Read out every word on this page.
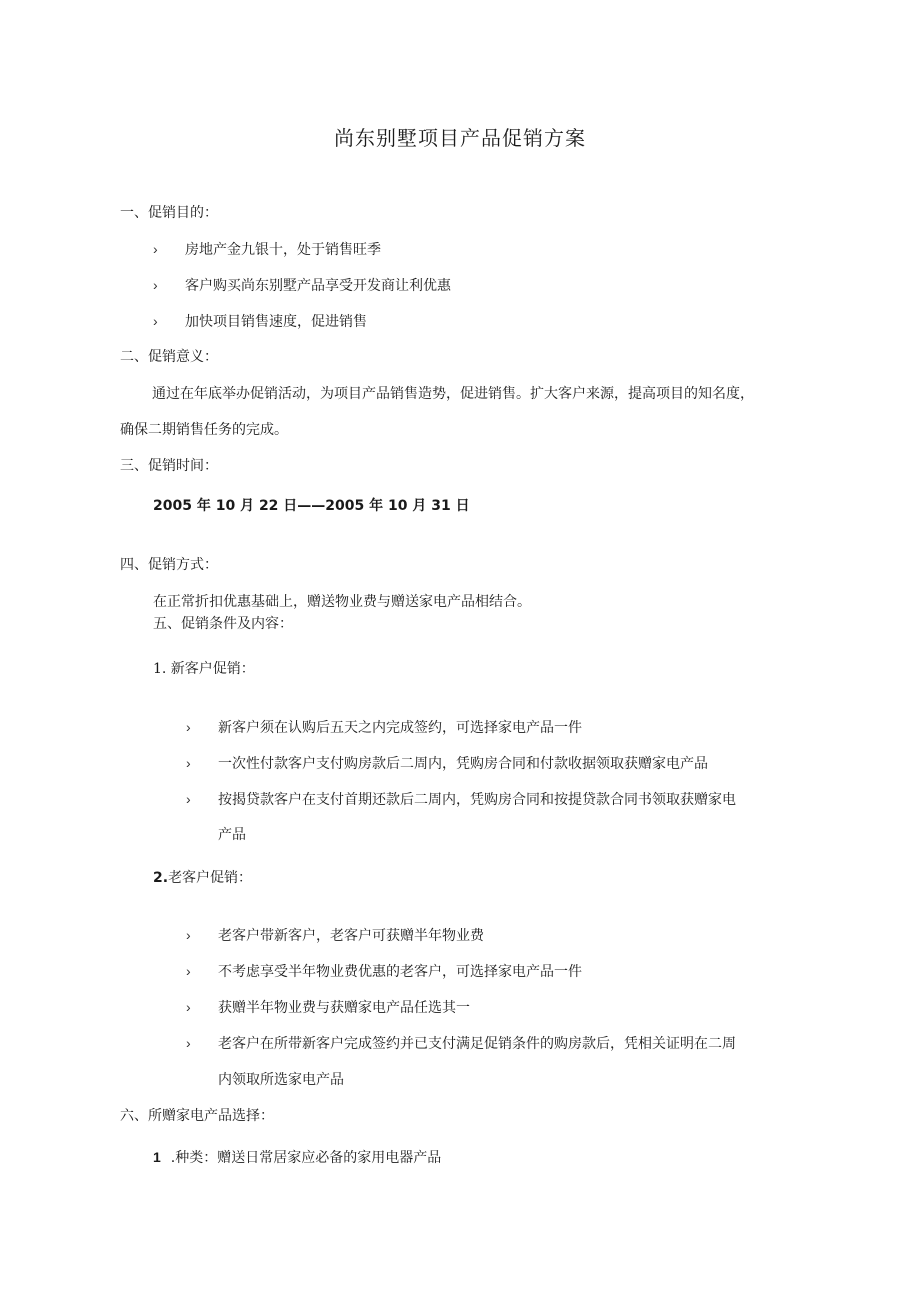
尚东别墅项目产品促销方案
一、促销目的：
› 房地产金九银十，处于销售旺季
› 客户购买尚东别墅产品享受开发商让利优惠
› 加快项目销售速度，促进销售
二、促销意义：
通过在年底举办促销活动，为项目产品销售造势，促进销售。扩大客户来源，提高项目的知名度，
确保二期销售任务的完成。
三、促销时间：
2005 年 10 月 22 日——2005 年 10 月 31 日
四、促销方式：
在正常折扣优惠基础上，赠送物业费与赠送家电产品相结合。
五、促销条件及内容：
1. 新客户促销：
› 新客户须在认购后五天之内完成签约，可选择家电产品一件
› 一次性付款客户支付购房款后二周内，凭购房合同和付款收据领取获赠家电产品
› 按揭贷款客户在支付首期还款后二周内，凭购房合同和按提贷款合同书领取获赠家电
产品
2.老客户促销：
› 老客户带新客户，老客户可获赠半年物业费
› 不考虑享受半年物业费优惠的老客户，可选择家电产品一件
› 获赠半年物业费与获赠家电产品任选其一
› 老客户在所带新客户完成签约并已支付满足促销条件的购房款后，凭相关证明在二周
内领取所选家电产品
六、所赠家电产品选择：
1 .种类：赠送日常居家应必备的家用电器产品
